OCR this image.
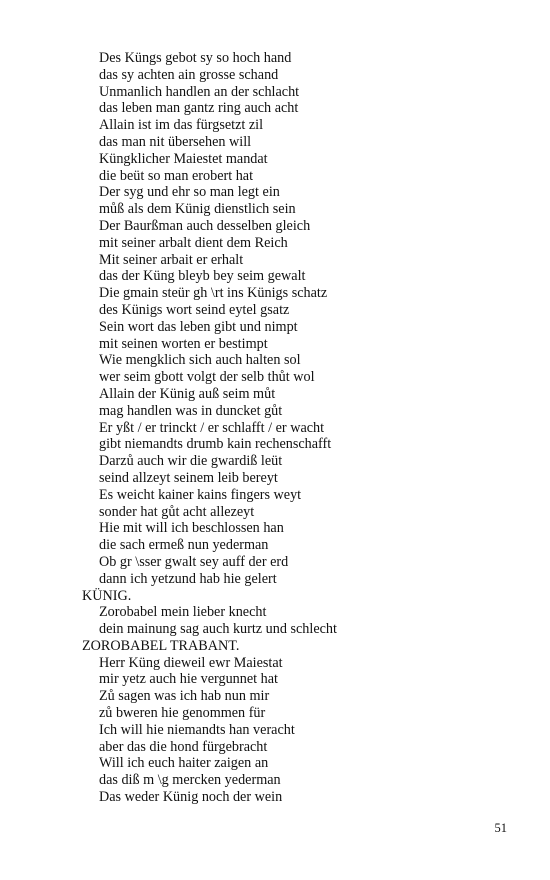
Des Küngs gebot sy so hoch hand
das sy achten ain grosse schand
Unmanlich handlen an der schlacht
das leben man gantz ring auch acht
Allain ist im das fürgsetzt zil
das man nit übersehen will
Küngklicher Maiestet mandat
die beüt so man erobert hat
Der syg und ehr so man legt ein
můß als dem Künig dienstlich sein
Der Baurßman auch desselben gleich
mit seiner arbalt dient dem Reich
Mit seiner arbait er erhalt
das der Küng bleyb bey seim gewalt
Die gmain steür gh \rt ins Künigs schatz
des Künigs wort seind eytel gsatz
Sein wort das leben gibt und nimpt
mit seinen worten er bestimpt
Wie mengklich sich auch halten sol
wer seim gbott volgt der selb thůt wol
Allain der Künig auß seim můt
mag handlen was in duncket gůt
Er yßt / er trinckt / er schlafft / er wacht
gibt niemandts drumb kain rechenschafft
Darzů auch wir die gwardiß leüt
seind allzeyt seinem leib bereyt
Es weicht kainer kains fingers weyt
sonder hat gůt acht allezeyt
Hie mit will ich beschlossen han
die sach ermeß nun yederman
Ob gr \sser gwalt sey auff der erd
dann ich yetzund hab hie gelert
KÜNIG.
Zorobabel mein lieber knecht
dein mainung sag auch kurtz und schlecht
ZOROBABEL TRABANT.
Herr Küng dieweil ewr Maiestat
mir yetz auch hie vergunnet hat
Zů sagen was ich hab nun mir
zů bweren hie genommen für
Ich will hie niemandts han veracht
aber das die hond fürgebracht
Will ich euch haiter zaigen an
das diß m \g mercken yederman
Das weder Künig noch der wein
51
